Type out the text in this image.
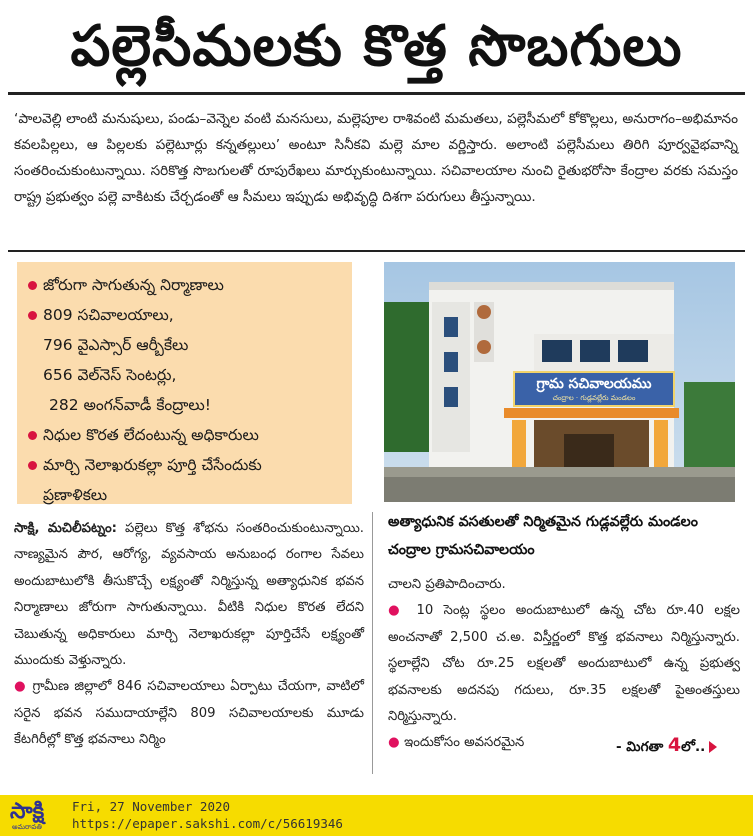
పల్లెసీమలకు కొత్త సొబగులు
‘పాలవెల్లి లాంటి మనుషులు, పండు–వెన్నెల వంటి మనసులు, మల్లెపూల రాశివంటి మమతలు, పల్లెసీమలో కోకొల్లలు, అనురాగం–అభిమానం కవలపిల్లలు, ఆ పిల్లలకు పల్లెటూర్లు కన్నతల్లులు’ అంటూ సినీకవి మల్లె మాల వర్ణిస్తారు. అలాంటి పల్లెసీమలు తిరిగి పూర్వవైభవాన్ని సంతరించుకుంటున్నాయి. సరికొత్త సొబగులతో రూపురేఖలు మార్చుకుంటున్నాయి. సచివాలయాల నుంచి రైతుభరోసా కేంద్రాల వరకు సమస్తం రాష్ట్ర ప్రభుత్వం పల్లె వాకిటకు చేర్చడంతో ఆ సీమలు ఇప్పుడు అభివృద్ధి దిశగా పరుగులు తీస్తున్నాయి.
జోరుగా సాగుతున్న నిర్మాణాలు
809 సచివాలయాలు,
796 వైఎస్సార్‌ ఆర్బీకేలు
656 వెల్‌నెస్‌ సెంటర్లు,
282 అంగన్‌వాడీ కేంద్రాలు!
నిధుల కొరత లేదంటున్న అధికారులు
మార్చి నెలాఖరుకల్లా పూర్తి చేసేందుకు
ప్రణాళికలు
గ్రామ సచివాలయము
చంద్రాల · గుడ్లవల్లేరు మండలం
అత్యాధునిక వసతులతో నిర్మితమైన గుడ్లవల్లేరు మండలం చంద్రాల గ్రామసచివాలయం

సాక్షి, మచిలీపట్నం: పల్లెలు కొత్త శోభను సంతరించుకుంటున్నాయి. నాణ్యమైన పౌర, ఆరోగ్య, వ్యవసాయ అనుబంధ రంగాల సేవలు అందుబాటులోకి తీసుకొచ్చే లక్ష్యంతో నిర్మిస్తున్న అత్యాధునిక భవన నిర్మాణాలు జోరుగా సాగుతున్నాయి. వీటికి నిధుల కొరత లేదని చెబుతున్న అధికారులు మార్చి నెలాఖరుకల్లా పూర్తిచేసే లక్ష్యంతో ముందుకు వెళ్తున్నారు.

● గ్రామీణ జిల్లాలో 846 సచివాలయాలు ఏర్పాటు చేయగా, వాటిలో సరైన భవన సముదాయాల్లేని 809 సచివాలయాలకు మూడు కేటగిరీల్లో కొత్త భవనాలు నిర్మిం

చాలని ప్రతిపాదించారు.

● 10 సెంట్ల స్థలం అందుబాటులో ఉన్న చోట రూ.40 లక్షల అంచనాతో 2,500 చ.అ. విస్తీర్ణంలో కొత్త భవనాలు నిర్మిస్తున్నారు. స్థలాల్లేని చోట రూ.25 లక్షలతో అందుబాటులో ఉన్న ప్రభుత్వ భవనాలకు అదనపు గదులు, రూ.35 లక్షలతో పైఅంతస్తులు నిర్మిస్తున్నారు.

● ఇందుకోసం అవసరమైన	- మిగతా 4లో..
సాక్షి
అమరావతి
Fri, 27 November 2020
https://epaper.sakshi.com/c/56619346
